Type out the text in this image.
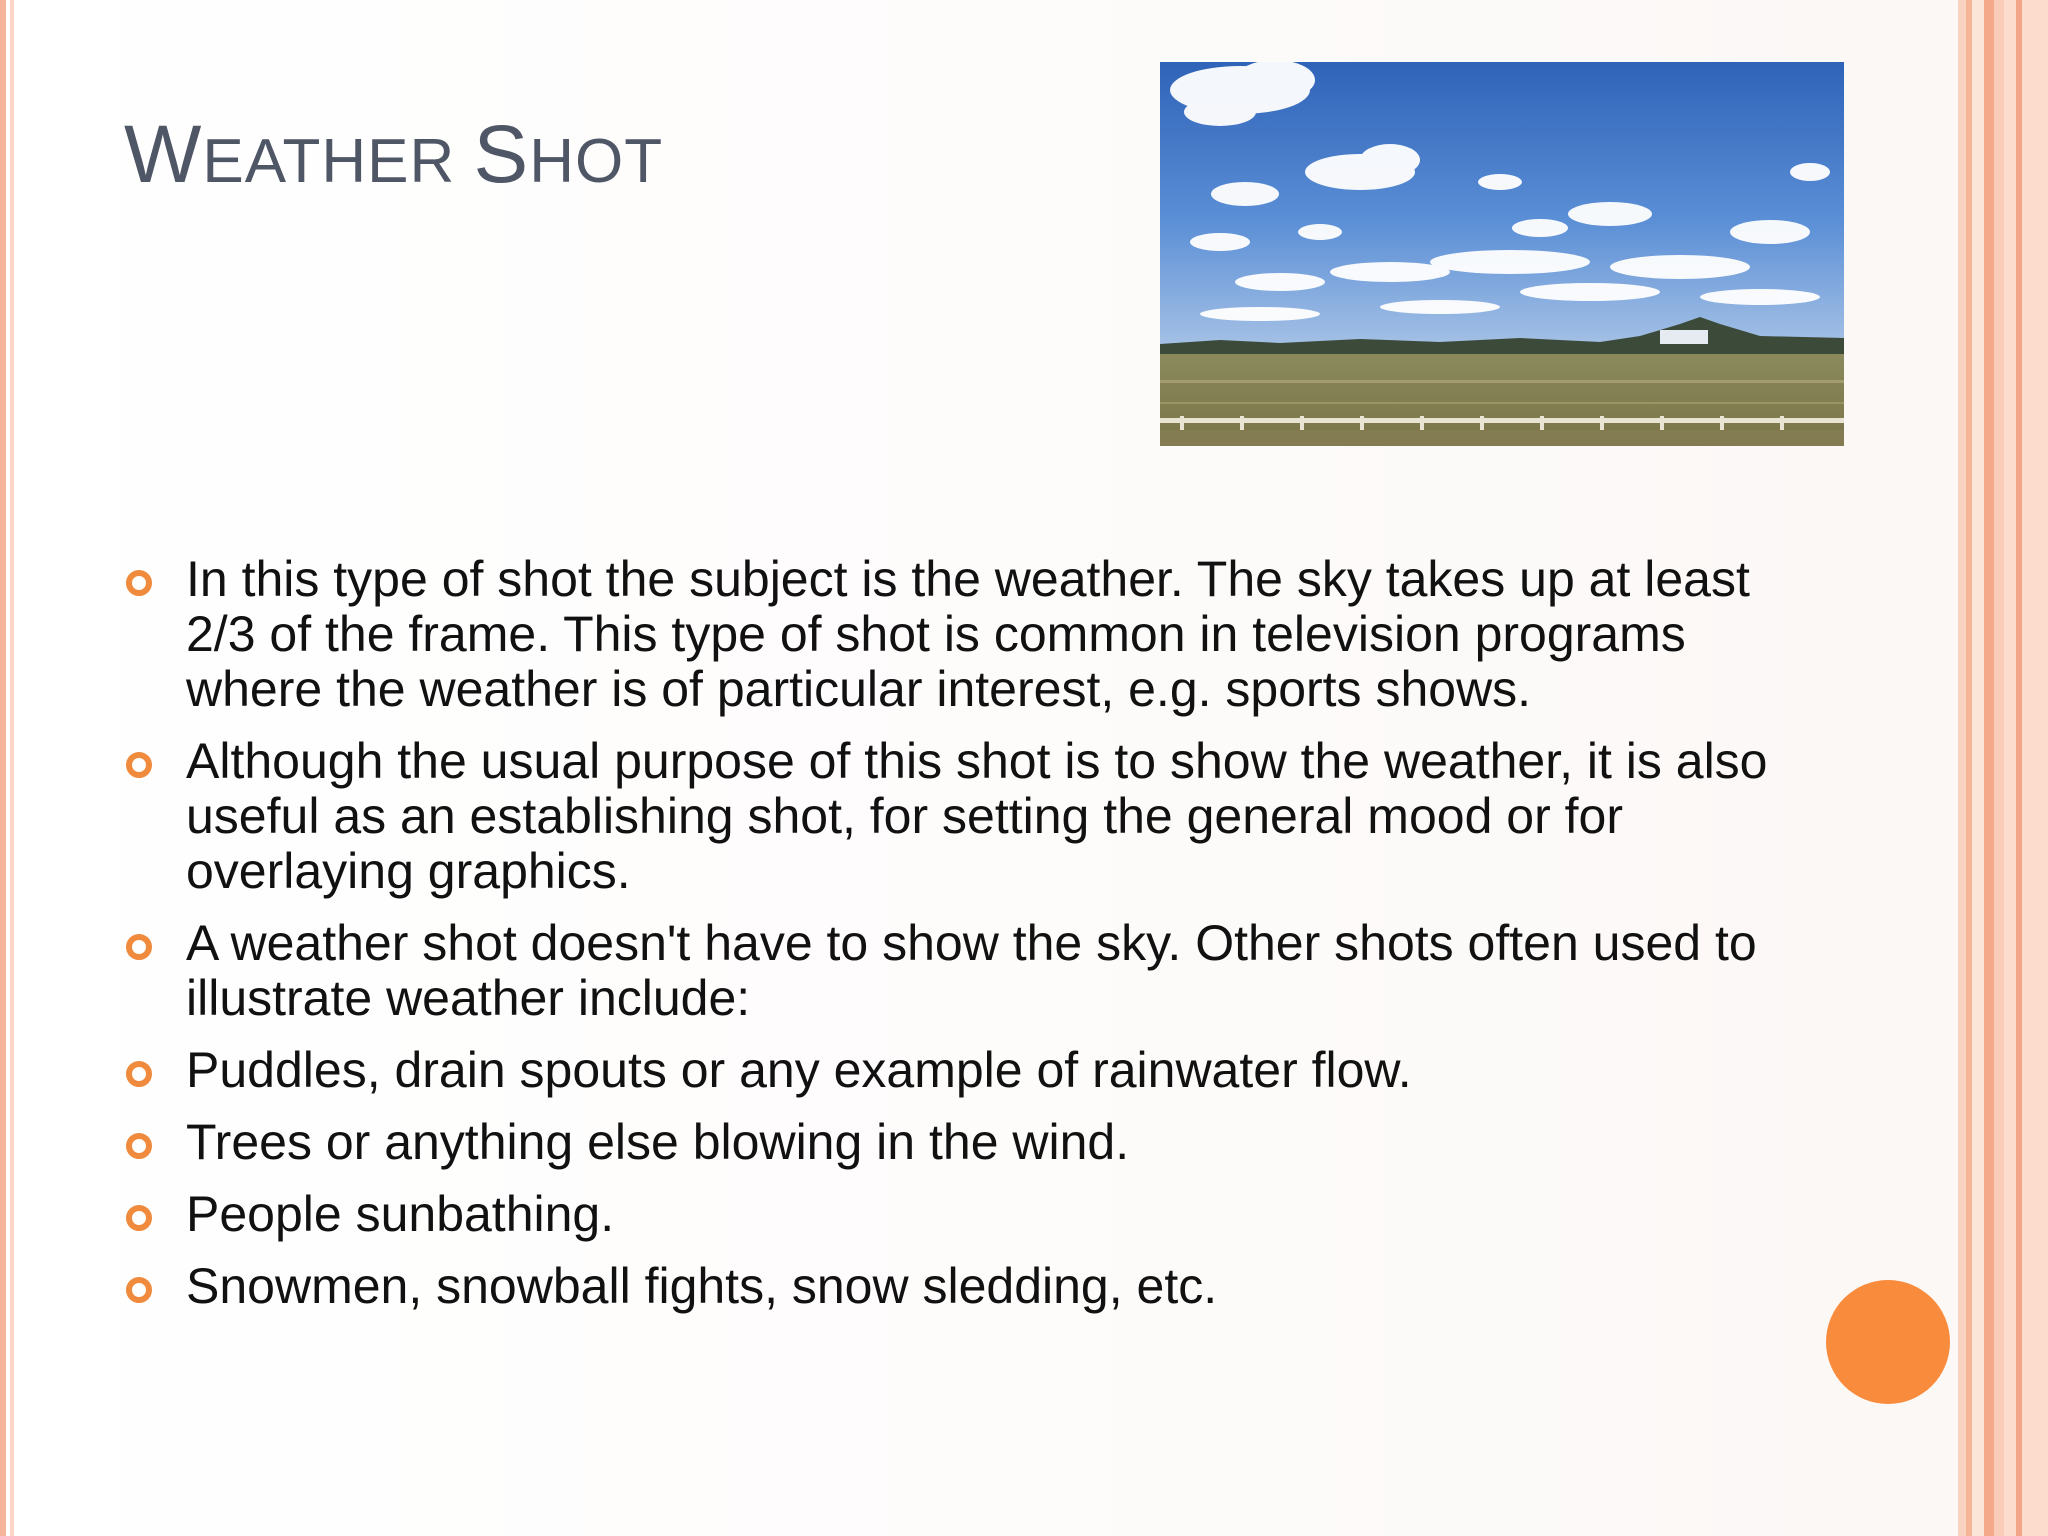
WEATHER SHOT
In this type of shot the subject is the weather. The sky takes up at least 2/3 of the frame. This type of shot is common in television programs where the weather is of particular interest, e.g. sports shows.
Although the usual purpose of this shot is to show the weather, it is also useful as an establishing shot, for setting the general mood or for overlaying graphics.
A weather shot doesn't have to show the sky. Other shots often used to illustrate weather include:
Puddles, drain spouts or any example of rainwater flow.
Trees or anything else blowing in the wind.
People sunbathing.
Snowmen, snowball fights, snow sledding, etc.
